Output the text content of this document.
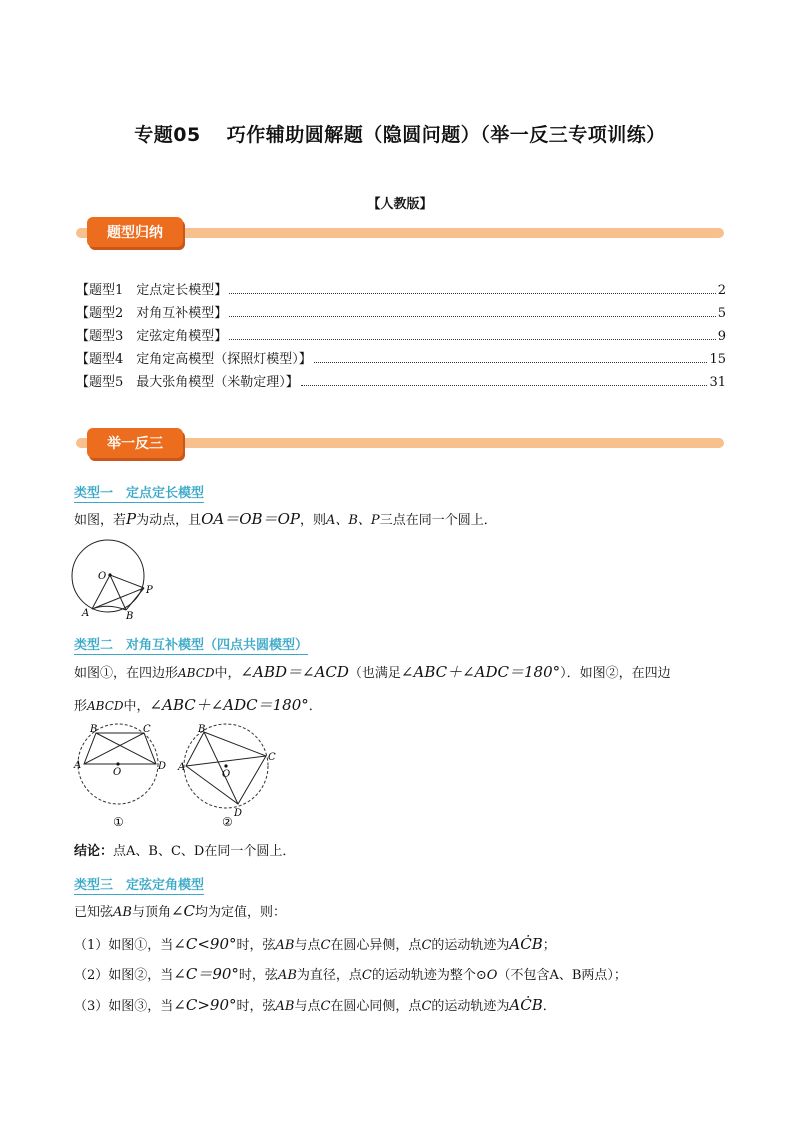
专题05 巧作辅助圆解题（隐圆问题）（举一反三专项训练）
【人教版】
题型归纳
【题型1　定点定长模型】	2
【题型2　对角互补模型】	5
【题型3　定弦定角模型】	9
【题型4　定角定高模型（探照灯模型）】	15
【题型5　最大张角模型（米勒定理）】	31
举一反三
类型一　定点定长模型
如图，若P为动点，且OA＝OB＝OP，则A、B、P三点在同一个圆上．
O
A	B
P
类型二　对角互补模型（四点共圆模型）
如图①，在四边形ABCD中，∠ABD＝∠ACD（也满足∠ABC＋∠ADC＝180°）．如图②，在四边
形ABCD中，∠ABC＋∠ADC＝180°．
A
B	C
D
O
①
A
B
C
D
O
②
结论：点A、B、C、D在同一个圆上．
类型三　定弦定角模型
已知弦AB与顶角∠C均为定值，则：
（1）如图①，当∠C<90°时，弦AB与点C在圆心异侧，点C的运动轨迹为AĊB；
（2）如图②，当∠C＝90°时，弦AB为直径，点C的运动轨迹为整个⊙O（不包含A、B两点）；
（3）如图③，当∠C>90°时，弦AB与点C在圆心同侧，点C的运动轨迹为AĊB．
